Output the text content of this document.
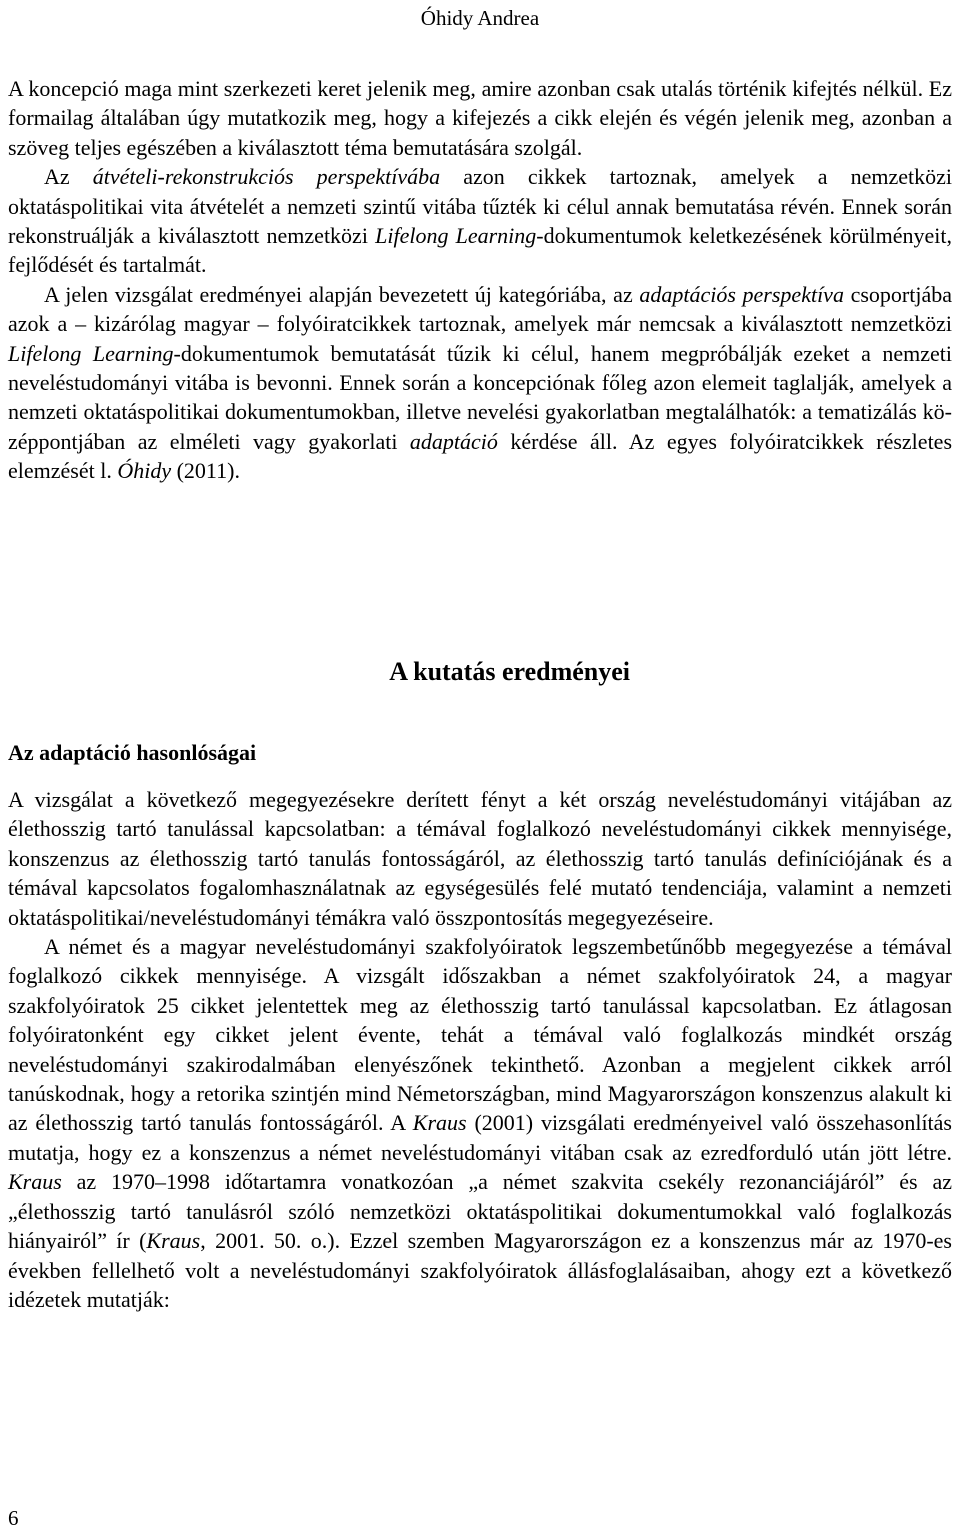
Óhidy Andrea

A koncepció maga mint szerkezeti keret jelenik meg, amire azonban csak utalás történik kifejtés nélkül. Ez formailag általában úgy mutatkozik meg, hogy a kifejezés a cikk elején és végén jelenik meg, azonban a szöveg teljes egészében a kiválasztott téma bemutatására szolgál.

Az átvételi-rekonstrukciós perspektívába azon cikkek tartoznak, amelyek a nemzetközi oktatáspolitikai vita átvételét a nemzeti szintű vitába tűzték ki célul annak bemutatása révén. Ennek során rekonstruálják a kiválasztott nemzetközi Lifelong Learning-dokumentumok keletkezésének körülményeit, fejlődését és tartalmát.

A jelen vizsgálat eredményei alapján bevezetett új kategóriába, az adaptációs perspektíva csoportjába azok a – kizárólag magyar – folyóiratcikkek tartoznak, amelyek már nemcsak a kiválasztott nemzetközi Lifelong Learning-dokumentumok bemutatását tűzik ki célul, hanem megpróbálják ezeket a nemzeti neveléstudományi vitába is bevonni. Ennek során a koncepciónak főleg azon elemeit taglalják, amelyek a nemzeti oktatáspolitikai dokumentumokban, illetve nevelési gyakorlatban megtalálhatók: a tematizálás középpontjában az elméleti vagy gyakorlati adaptáció kérdése áll. Az egyes folyóiratcikkek részletes elemzését l. Óhidy (2011).

A kutatás eredményei
Az adaptáció hasonlóságai

A vizsgálat a következő megegyezésekre derített fényt a két ország neveléstudományi vitájában az élethosszig tartó tanulással kapcsolatban: a témával foglalkozó neveléstudományi cikkek mennyisége, konszenzus az élethosszig tartó tanulás fontosságáról, az élethosszig tartó tanulás definíciójának és a témával kapcsolatos fogalomhasználatnak az egységesülés felé mutató tendenciája, valamint a nemzeti oktatáspolitikai/neveléstudományi témákra való összpontosítás megegyezéseire.

A német és a magyar neveléstudományi szakfolyóiratok legszembetűnőbb megegyezése a témával foglalkozó cikkek mennyisége. A vizsgált időszakban a német szakfolyóiratok 24, a magyar szakfolyóiratok 25 cikket jelentettek meg az élethosszig tartó tanulással kapcsolatban. Ez átlagosan folyóiratonként egy cikket jelent évente, tehát a témával való foglalkozás mindkét ország neveléstudományi szakirodalmában elenyészőnek tekinthető. Azonban a megjelent cikkek arról tanúskodnak, hogy a retorika szintjén mind Németországban, mind Magyarországon konszenzus alakult ki az élethosszig tartó tanulás fontosságáról. A Kraus (2001) vizsgálati eredményeivel való összehasonlítás mutatja, hogy ez a konszenzus a német neveléstudományi vitában csak az ezredforduló után jött létre. Kraus az 1970–1998 időtartamra vonatkozóan „a német szakvita csekély rezonanciájáról” és az „élethosszig tartó tanulásról szóló nemzetközi oktatáspolitikai dokumentumokkal való foglalkozás hiányairól” ír (Kraus, 2001. 50. o.). Ezzel szemben Magyarországon ez a konszenzus már az 1970-es években fellelhető volt a neveléstudományi szakfolyóiratok állásfoglalásaiban, ahogy ezt a következő idézetek mutatják:

6
